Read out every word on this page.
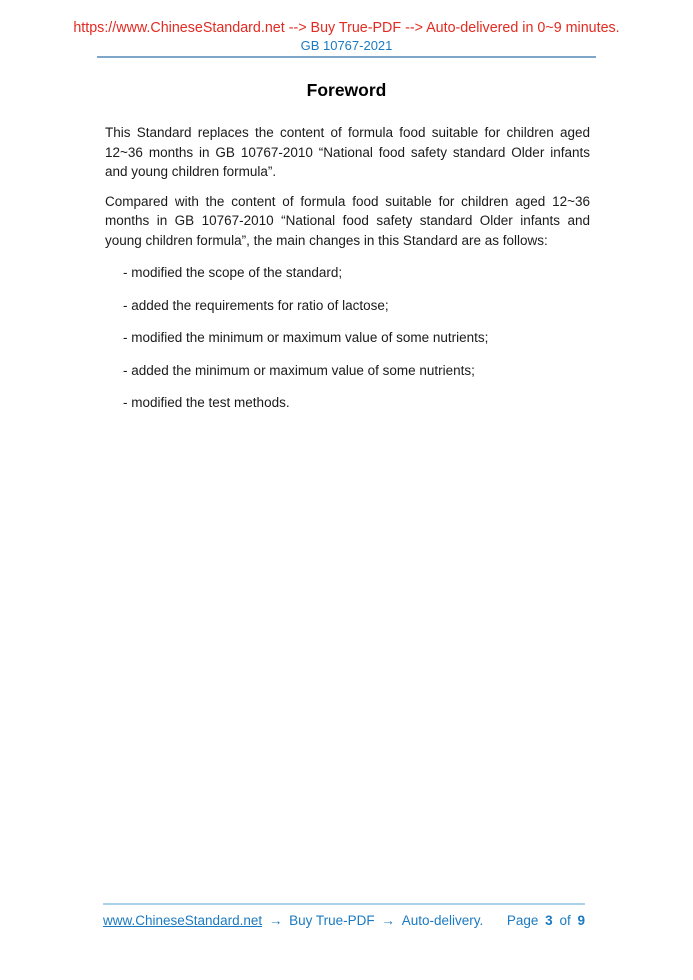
https://www.ChineseStandard.net --> Buy True-PDF --> Auto-delivered in 0~9 minutes.
GB 10767-2021
Foreword

This Standard replaces the content of formula food suitable for children aged 12~36 months in GB 10767-2010 “National food safety standard Older infants and young children formula”.

Compared with the content of formula food suitable for children aged 12~36 months in GB 10767-2010 “National food safety standard Older infants and young children formula”, the main changes in this Standard are as follows:

- modified the scope of the standard;

- added the requirements for ratio of lactose;

- modified the minimum or maximum value of some nutrients;

- added the minimum or maximum value of some nutrients;

- modified the test methods.

www.ChineseStandard.net → Buy True-PDF → Auto-delivery. Page 3 of 9
